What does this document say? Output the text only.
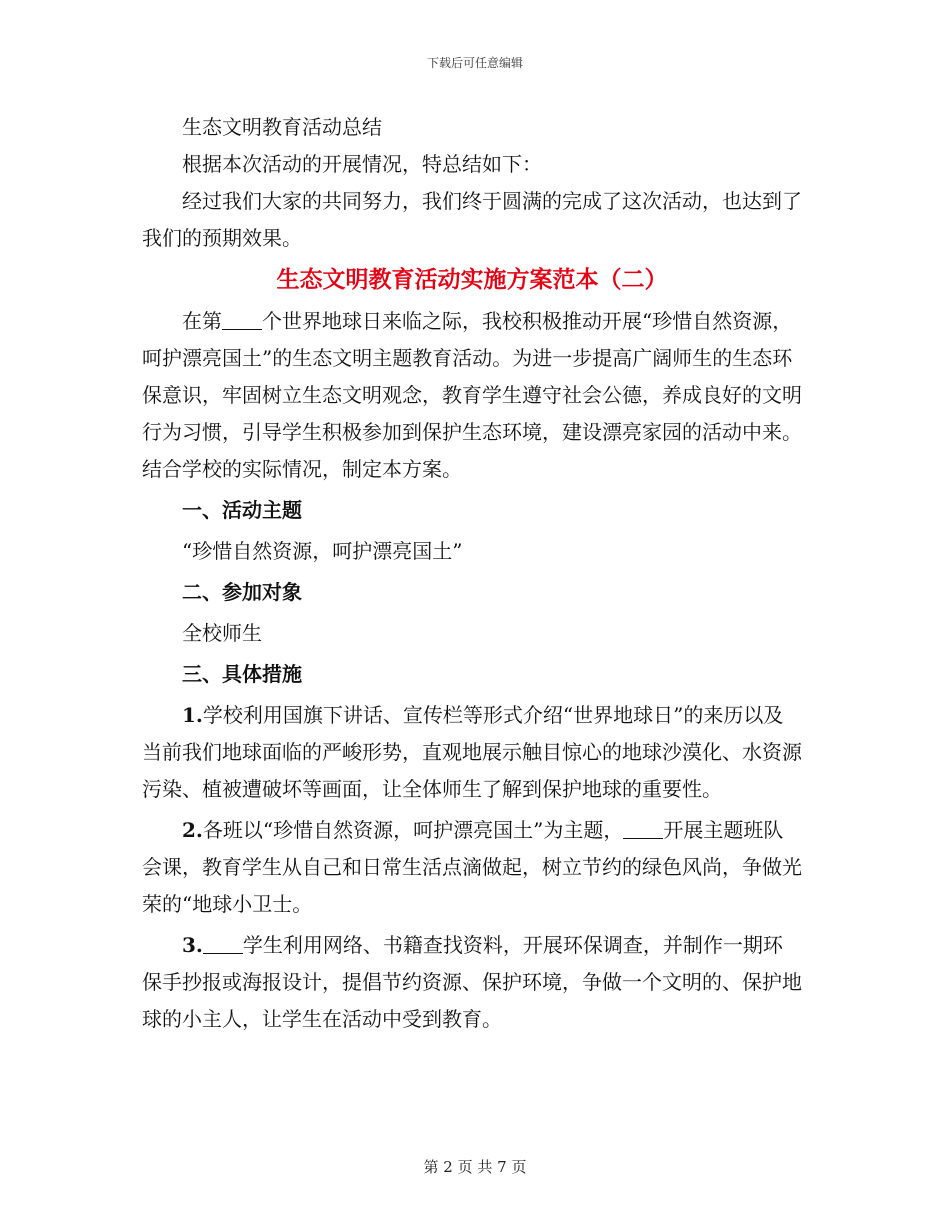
下载后可任意编辑

生态文明教育活动总结

根据本次活动的开展情况，特总结如下：

经过我们大家的共同努力，我们终于圆满的完成了这次活动，也达到了我们的预期效果。

生态文明教育活动实施方案范本（二）

在第 个世界地球日来临之际，我校积极推动开展“珍惜自然资源，呵护漂亮国土”的生态文明主题教育活动。为进一步提高广阔师生的生态环保意识，牢固树立生态文明观念，教育学生遵守社会公德，养成良好的文明行为习惯，引导学生积极参加到保护生态环境，建设漂亮家园的活动中来。结合学校的实际情况，制定本方案。

一、活动主题

“珍惜自然资源，呵护漂亮国土”

二、参加对象

全校师生

三、具体措施

1.学校利用国旗下讲话、宣传栏等形式介绍“世界地球日”的来历以及当前我们地球面临的严峻形势，直观地展示触目惊心的地球沙漠化、水资源污染、植被遭破坏等画面，让全体师生了解到保护地球的重要性。

2.各班以“珍惜自然资源，呵护漂亮国土”为主题， 开展主题班队会课，教育学生从自己和日常生活点滴做起，树立节约的绿色风尚，争做光荣的“地球小卫士。

3. 学生利用网络、书籍查找资料，开展环保调查，并制作一期环保手抄报或海报设计，提倡节约资源、保护环境，争做一个文明的、保护地球的小主人，让学生在活动中受到教育。

第 2 页 共 7 页
